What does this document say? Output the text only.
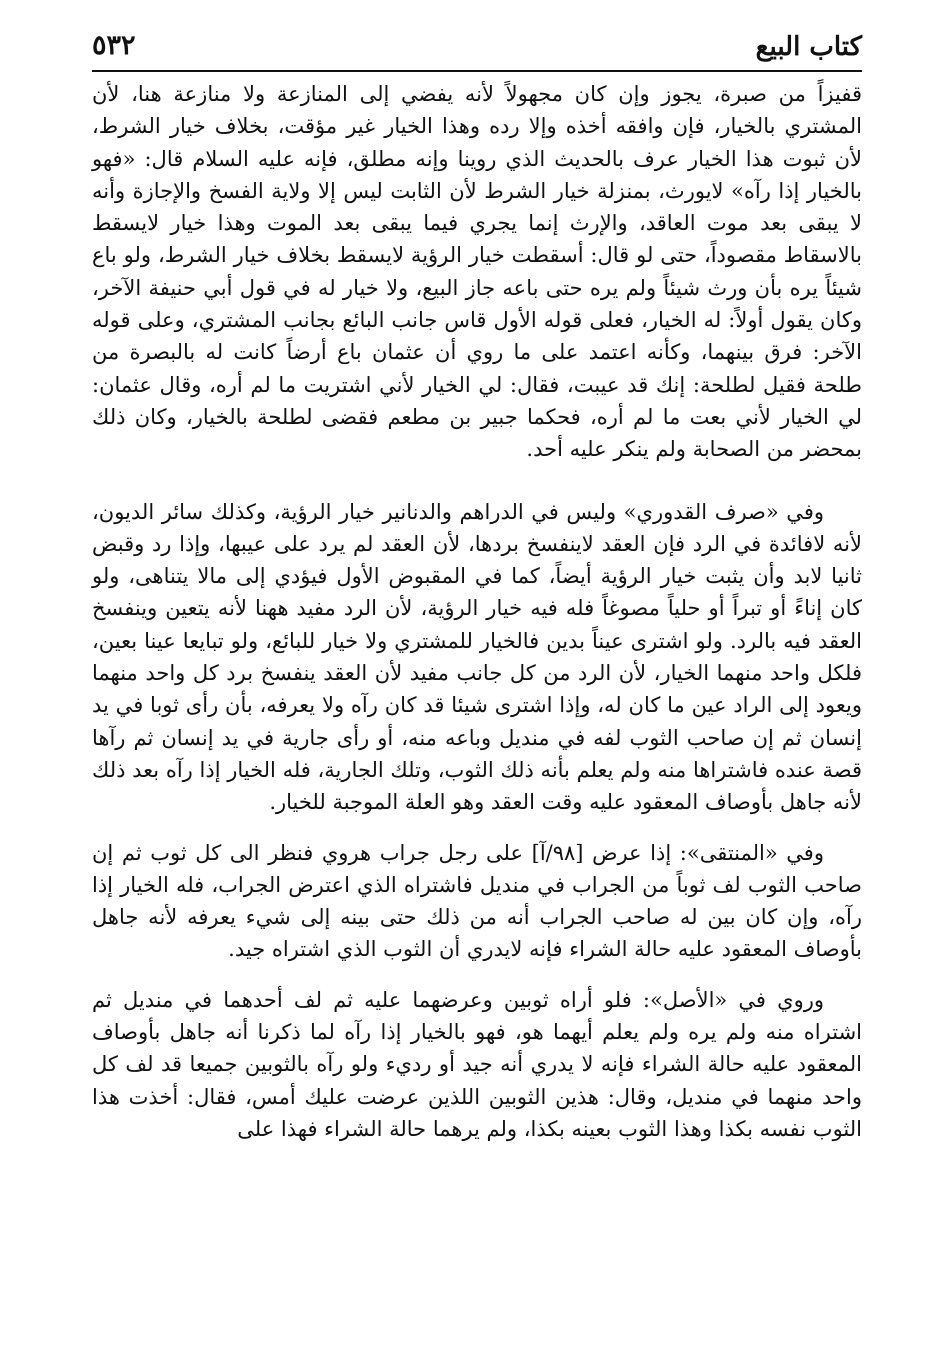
كتاب البيع
٥٣٢

قفيزاً من صبرة، يجوز وإن كان مجهولاً لأنه يفضي إلى المنازعة ولا منازعة هنا، لأن المشتري بالخيار، فإن وافقه أخذه وإلا رده وهذا الخيار غير مؤقت، بخلاف خيار الشرط، لأن ثبوت هذا الخيار عرف بالحديث الذي روينا وإنه مطلق، فإنه عليه السلام قال: «فهو بالخيار إذا رآه» لايورث، بمنزلة خيار الشرط لأن الثابت ليس إلا ولاية الفسخ والإجازة وأنه لا يبقى بعد موت العاقد، والإرث إنما يجري فيما يبقى بعد الموت وهذا خيار لايسقط بالاسقاط مقصوداً، حتى لو قال: أسقطت خيار الرؤية لايسقط بخلاف خيار الشرط، ولو باع شيئاً يره بأن ورث شيئاً ولم يره حتى باعه جاز البيع، ولا خيار له في قول أبي حنيفة الآخر، وكان يقول أولاً: له الخيار، فعلى قوله الأول قاس جانب البائع بجانب المشتري، وعلى قوله الآخر: فرق بينهما، وكأنه اعتمد على ما روي أن عثمان باع أرضاً كانت له بالبصرة من طلحة فقيل لطلحة: إنك قد عيبت، فقال: لي الخيار لأني اشتريت ما لم أره، وقال عثمان: لي الخيار لأني بعت ما لم أره، فحكما جبير بن مطعم فقضى لطلحة بالخيار، وكان ذلك بمحضر من الصحابة ولم ينكر عليه أحد.

وفي «صرف القدوري» وليس في الدراهم والدنانير خيار الرؤية، وكذلك سائر الديون، لأنه لافائدة في الرد فإن العقد لاينفسخ بردها، لأن العقد لم يرد على عيبها، وإذا رد وقبض ثانيا لابد وأن يثبت خيار الرؤية أيضاً، كما في المقبوض الأول فيؤدي إلى مالا يتناهى، ولو كان إناءً أو تبراً أو حلياً مصوغاً فله فيه خيار الرؤية، لأن الرد مفيد ههنا لأنه يتعين وينفسخ العقد فيه بالرد. ولو اشترى عيناً بدين فالخيار للمشتري ولا خيار للبائع، ولو تبايعا عينا بعين، فلكل واحد منهما الخيار، لأن الرد من كل جانب مفيد لأن العقد ينفسخ برد كل واحد منهما ويعود إلى الراد عين ما كان له، وإذا اشترى شيئا قد كان رآه ولا يعرفه، بأن رأى ثوبا في يد إنسان ثم إن صاحب الثوب لفه في منديل وباعه منه، أو رأى جارية في يد إنسان ثم رآها قصة عنده فاشتراها منه ولم يعلم بأنه ذلك الثوب، وتلك الجارية، فله الخيار إذا رآه بعد ذلك لأنه جاهل بأوصاف المعقود عليه وقت العقد وهو العلة الموجبة للخيار.

وفي «المنتقى»: إذا عرض [٩٨/آ] على رجل جراب هروي فنظر الى كل ثوب ثم إن صاحب الثوب لف ثوباً من الجراب في منديل فاشتراه الذي اعترض الجراب، فله الخيار إذا رآه، وإن كان بين له صاحب الجراب أنه من ذلك حتى بينه إلى شيء يعرفه لأنه جاهل بأوصاف المعقود عليه حالة الشراء فإنه لايدري أن الثوب الذي اشتراه جيد.

وروي في «الأصل»: فلو أراه ثوبين وعرضهما عليه ثم لف أحدهما في منديل ثم اشتراه منه ولم يره ولم يعلم أيهما هو، فهو بالخيار إذا رآه لما ذكرنا أنه جاهل بأوصاف المعقود عليه حالة الشراء فإنه لا يدري أنه جيد أو رديء ولو رآه بالثوبين جميعا قد لف كل واحد منهما في منديل، وقال: هذين الثوبين اللذين عرضت عليك أمس، فقال: أخذت هذا الثوب نفسه بكذا وهذا الثوب بعينه بكذا، ولم يرهما حالة الشراء فهذا على
